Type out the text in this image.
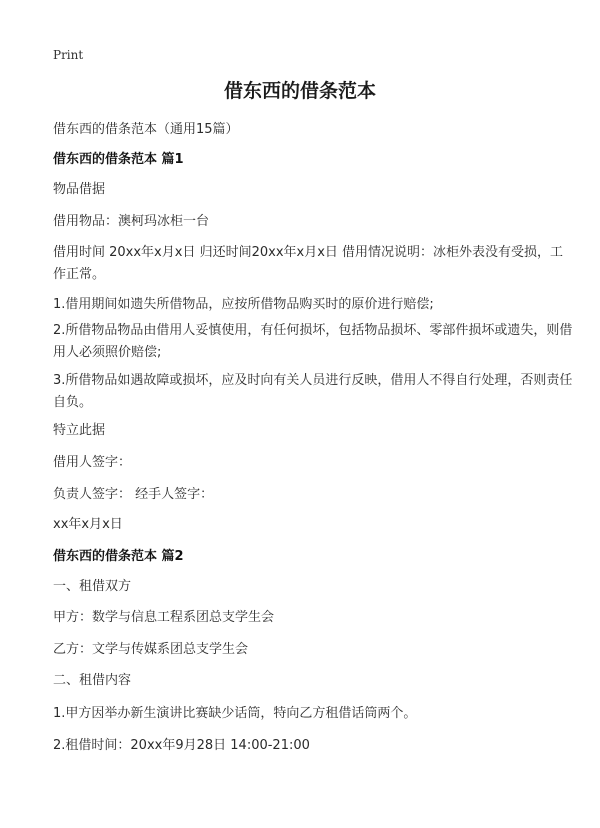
Print
借东西的借条范本
借东西的借条范本（通用15篇）
借东西的借条范本 篇1
物品借据
借用物品：澳柯玛冰柜一台
借用时间 20xx年x月x日 归还时间20xx年x月x日 借用情况说明：冰柜外表没有受损，工作正常。
1.借用期间如遗失所借物品，应按所借物品购买时的原价进行赔偿;
2.所借物品物品由借用人妥慎使用，有任何损坏，包括物品损坏、零部件损坏或遗失，则借用人必须照价赔偿;
3.所借物品如遇故障或损坏，应及时向有关人员进行反映，借用人不得自行处理，否则责任自负。
特立此据
借用人签字：
负责人签字： 经手人签字：
xx年x月x日
借东西的借条范本 篇2
一、租借双方
甲方：数学与信息工程系团总支学生会
乙方：文学与传媒系团总支学生会
二、租借内容
1.甲方因举办新生演讲比赛缺少话筒，特向乙方租借话筒两个。
2.租借时间：20xx年9月28日 14:00-21:00
